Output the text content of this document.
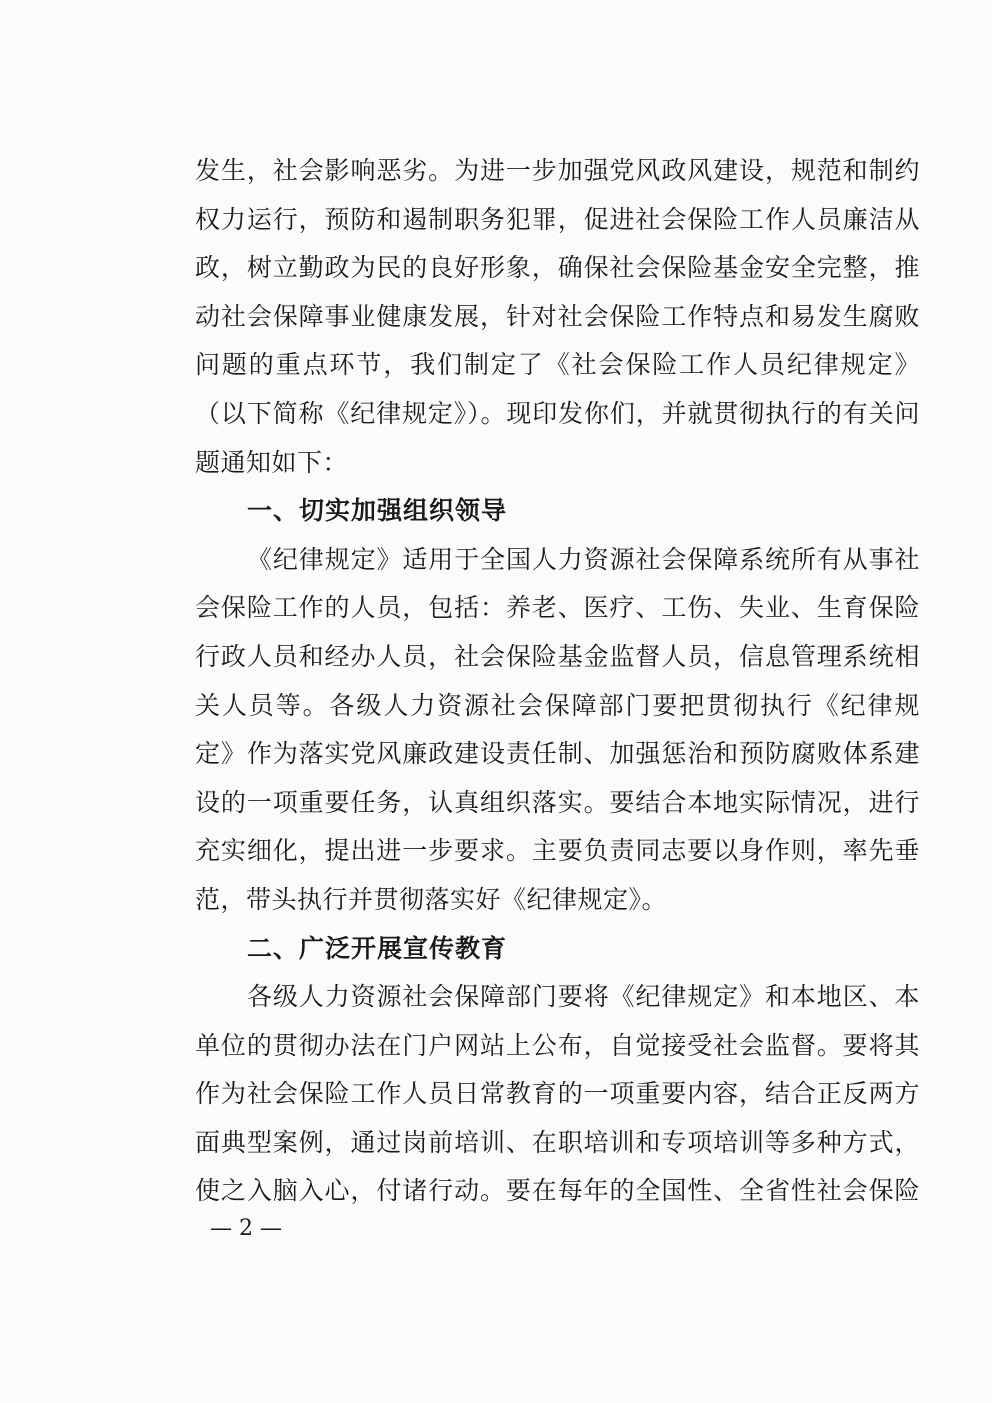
发生，社会影响恶劣。为进一步加强党风政风建设，规范和制约
权力运行，预防和遏制职务犯罪，促进社会保险工作人员廉洁从
政，树立勤政为民的良好形象，确保社会保险基金安全完整，推
动社会保障事业健康发展，针对社会保险工作特点和易发生腐败
问题的重点环节，我们制定了《社会保险工作人员纪律规定》
（以下简称《纪律规定》）。现印发你们，并就贯彻执行的有关问
题通知如下：
一、切实加强组织领导
《纪律规定》适用于全国人力资源社会保障系统所有从事社
会保险工作的人员，包括：养老、医疗、工伤、失业、生育保险
行政人员和经办人员，社会保险基金监督人员，信息管理系统相
关人员等。各级人力资源社会保障部门要把贯彻执行《纪律规
定》作为落实党风廉政建设责任制、加强惩治和预防腐败体系建
设的一项重要任务，认真组织落实。要结合本地实际情况，进行
充实细化，提出进一步要求。主要负责同志要以身作则，率先垂
范，带头执行并贯彻落实好《纪律规定》。
二、广泛开展宣传教育
各级人力资源社会保障部门要将《纪律规定》和本地区、本
单位的贯彻办法在门户网站上公布，自觉接受社会监督。要将其
作为社会保险工作人员日常教育的一项重要内容，结合正反两方
面典型案例，通过岗前培训、在职培训和专项培训等多种方式，
使之入脑入心，付诸行动。要在每年的全国性、全省性社会保险
— 2 —
